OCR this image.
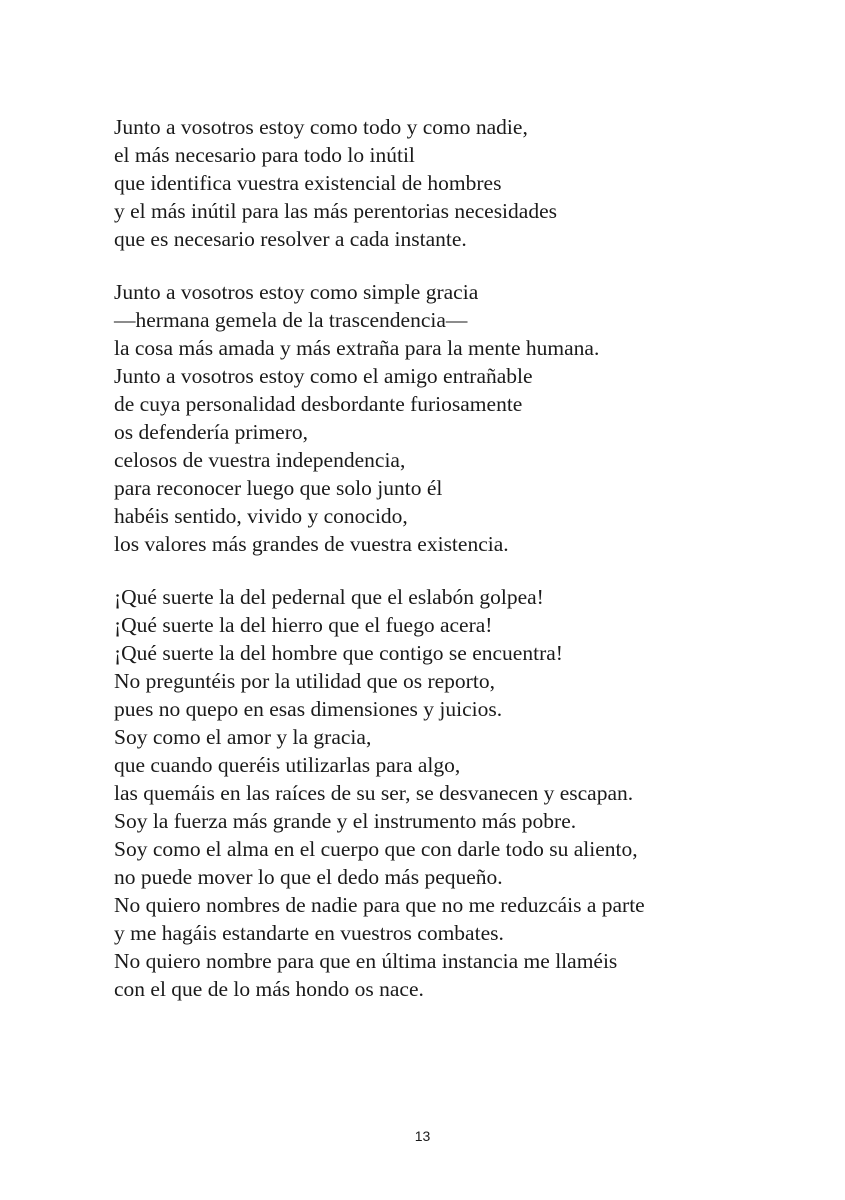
Junto a vosotros estoy como todo y como nadie,
el más necesario para todo lo inútil
que identifica vuestra existencial de hombres
y el más inútil para las más perentorias necesidades
que es necesario resolver a cada instante.
Junto a vosotros estoy como simple gracia
—hermana gemela de la trascendencia—
la cosa más amada y más extraña para la mente humana.
Junto a vosotros estoy como el amigo entrañable
de cuya personalidad desbordante furiosamente
os defendería primero,
celosos de vuestra independencia,
para reconocer luego que solo junto él
habéis sentido, vivido y conocido,
los valores más grandes de vuestra existencia.
¡Qué suerte la del pedernal que el eslabón golpea!
¡Qué suerte la del hierro que el fuego acera!
¡Qué suerte la del hombre que contigo se encuentra!
No preguntéis por la utilidad que os reporto,
pues no quepo en esas dimensiones y juicios.
Soy como el amor y la gracia,
que cuando queréis utilizarlas para algo,
las quemáis en las raíces de su ser, se desvanecen y escapan.
Soy la fuerza más grande y el instrumento más pobre.
Soy como el alma en el cuerpo que con darle todo su aliento,
no puede mover lo que el dedo más pequeño.
No quiero nombres de nadie para que no me reduzcáis a parte
y me hagáis estandarte en vuestros combates.
No quiero nombre para que en última instancia me llaméis
con el que de lo más hondo os nace.
13
